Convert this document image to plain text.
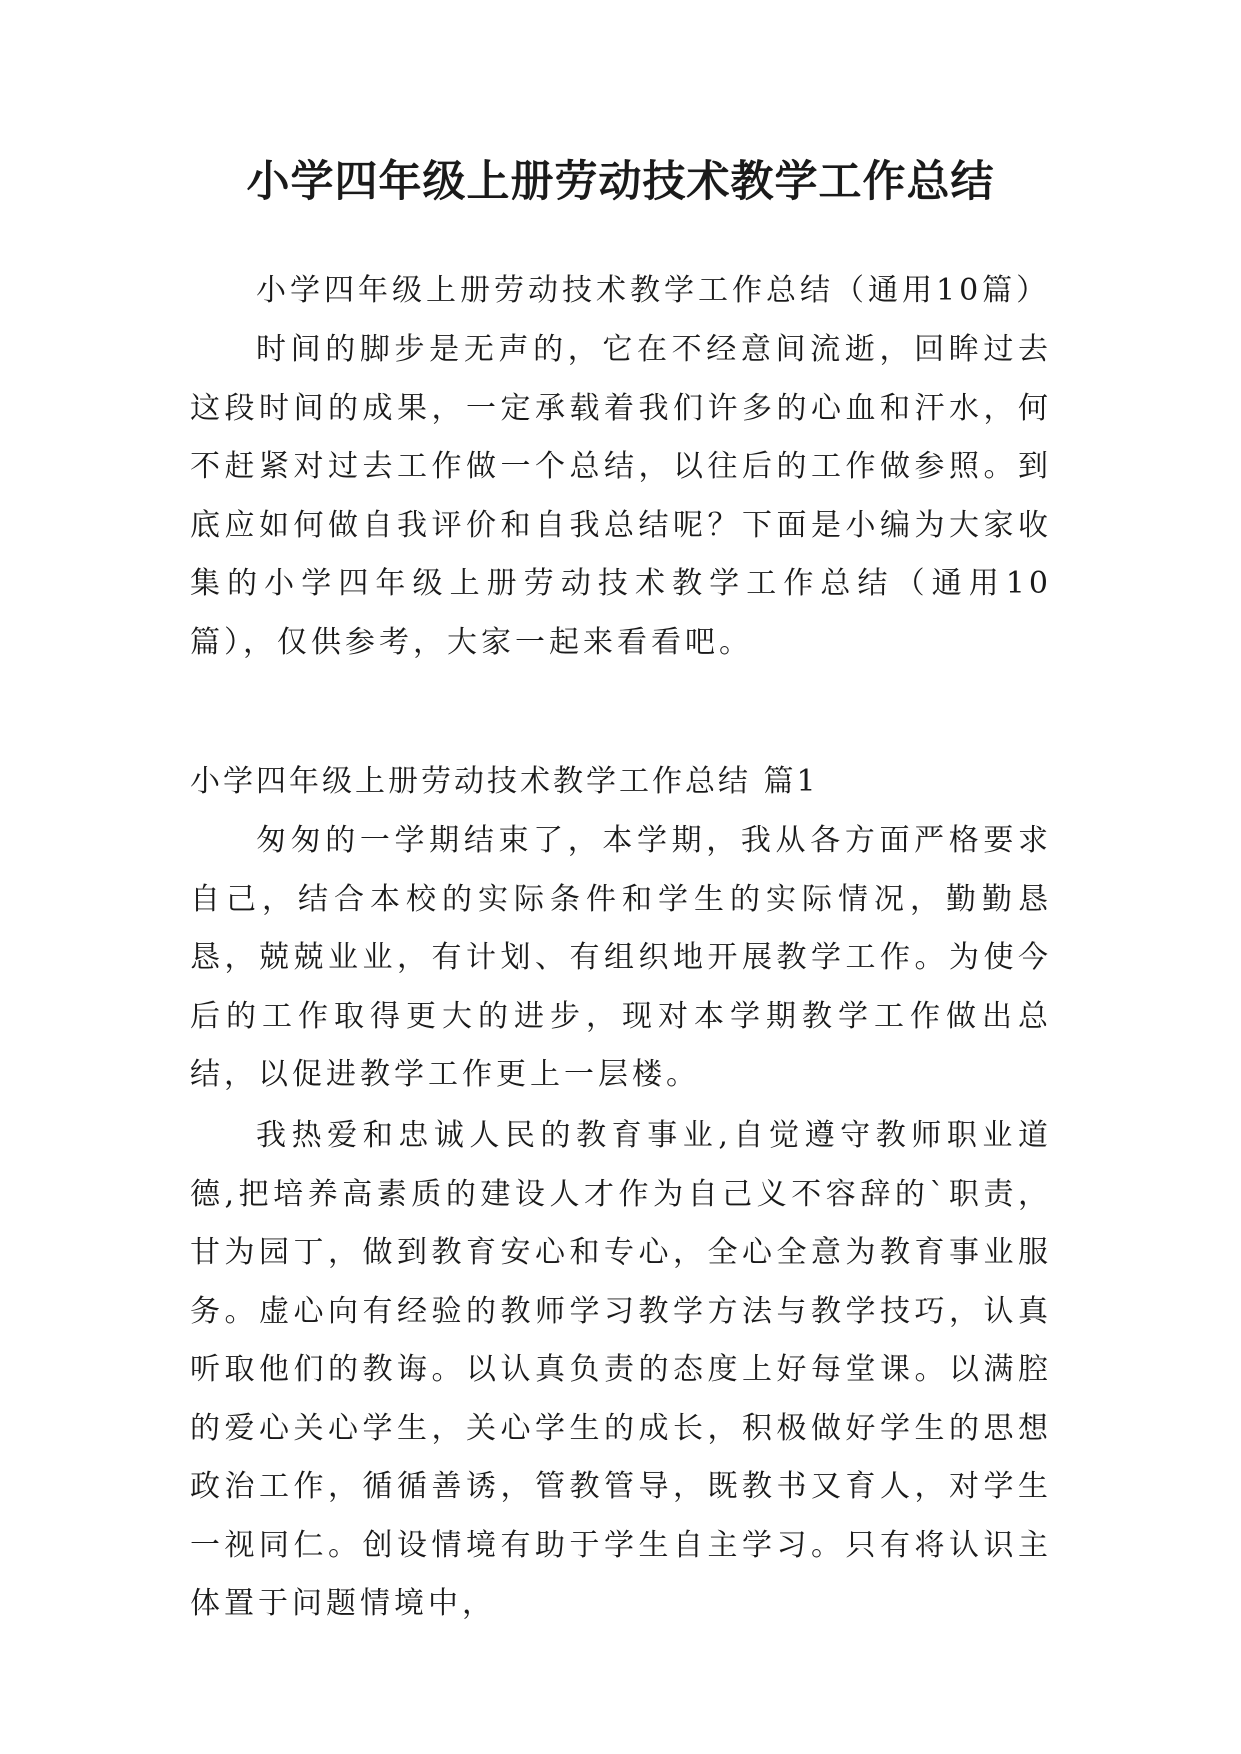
小学四年级上册劳动技术教学工作总结

小学四年级上册劳动技术教学工作总结（通用10篇）

时间的脚步是无声的，它在不经意间流逝，回眸过去这段时间的成果，一定承载着我们许多的心血和汗水，何不赶紧对过去工作做一个总结，以往后的工作做参照。到底应如何做自我评价和自我总结呢？下面是小编为大家收集的小学四年级上册劳动技术教学工作总结（通用10篇），仅供参考，大家一起来看看吧。

小学四年级上册劳动技术教学工作总结 篇1

匆匆的一学期结束了，本学期，我从各方面严格要求自己，结合本校的实际条件和学生的实际情况，勤勤恳恳，兢兢业业，有计划、有组织地开展教学工作。为使今后的工作取得更大的进步，现对本学期教学工作做出总结，以促进教学工作更上一层楼。

我热爱和忠诚人民的教育事业,自觉遵守教师职业道德,把培养高素质的建设人才作为自己义不容辞的`职责，甘为园丁，做到教育安心和专心，全心全意为教育事业服务。虚心向有经验的教师学习教学方法与教学技巧，认真听取他们的教诲。以认真负责的态度上好每堂课。以满腔的爱心关心学生，关心学生的成长，积极做好学生的思想政治工作，循循善诱，管教管导，既教书又育人，对学生一视同仁。创设情境有助于学生自主学习。只有将认识主体置于问题情境中，
